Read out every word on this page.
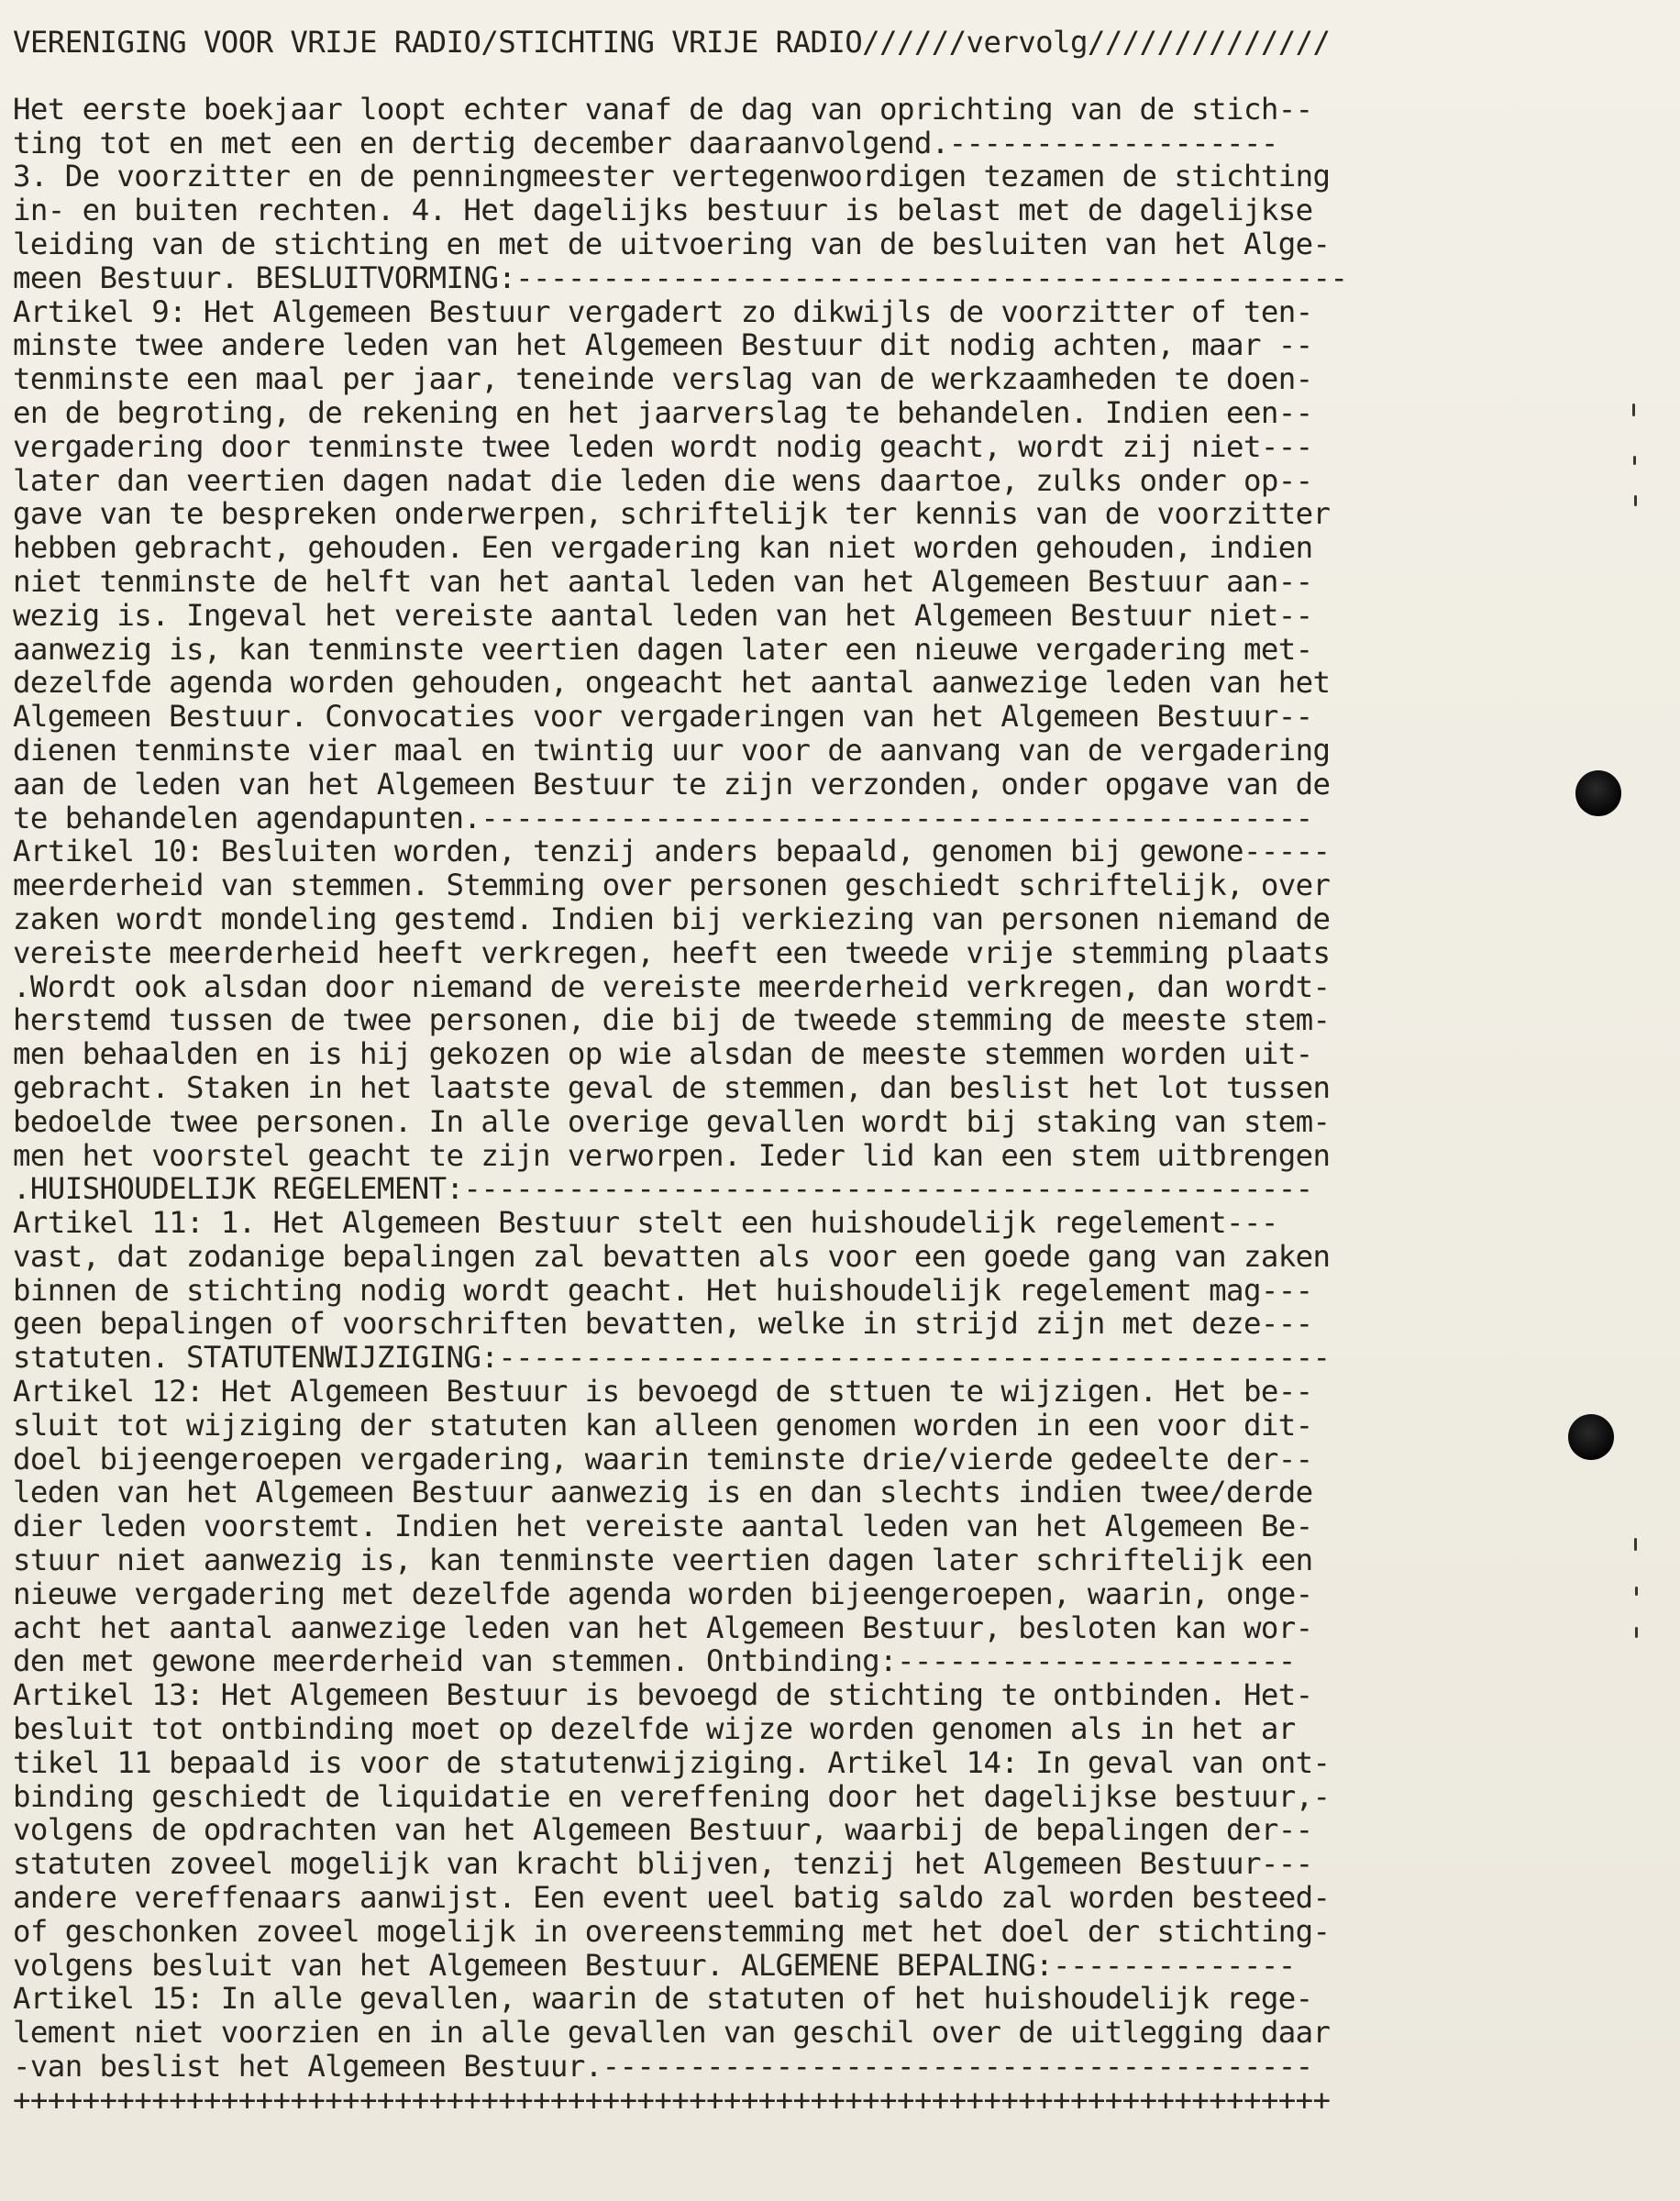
VERENIGING VOOR VRIJE RADIO/STICHTING VRIJE RADIO//////vervolg//////////////
Het eerste boekjaar loopt echter vanaf de dag van oprichting van de stich--
ting tot en met een en dertig december daaraanvolgend.-------------------
3. De voorzitter en de penningmeester vertegenwoordigen tezamen de stichting
in- en buiten rechten. 4. Het dagelijks bestuur is belast met de dagelijkse
leiding van de stichting en met de uitvoering van de besluiten van het Alge-
meen Bestuur. BESLUITVORMING:------------------------------------------------
Artikel 9: Het Algemeen Bestuur vergadert zo dikwijls de voorzitter of ten-
minste twee andere leden van het Algemeen Bestuur dit nodig achten, maar --
tenminste een maal per jaar, teneinde verslag van de werkzaamheden te doen-
en de begroting, de rekening en het jaarverslag te behandelen. Indien een--
vergadering door tenminste twee leden wordt nodig geacht, wordt zij niet---
later dan veertien dagen nadat die leden die wens daartoe, zulks onder op--
gave van te bespreken onderwerpen, schriftelijk ter kennis van de voorzitter
hebben gebracht, gehouden. Een vergadering kan niet worden gehouden, indien
niet tenminste de helft van het aantal leden van het Algemeen Bestuur aan--
wezig is. Ingeval het vereiste aantal leden van het Algemeen Bestuur niet--
aanwezig is, kan tenminste veertien dagen later een nieuwe vergadering met-
dezelfde agenda worden gehouden, ongeacht het aantal aanwezige leden van het
Algemeen Bestuur. Convocaties voor vergaderingen van het Algemeen Bestuur--
dienen tenminste vier maal en twintig uur voor de aanvang van de vergadering
aan de leden van het Algemeen Bestuur te zijn verzonden, onder opgave van de
te behandelen agendapunten.------------------------------------------------
Artikel 10: Besluiten worden, tenzij anders bepaald, genomen bij gewone-----
meerderheid van stemmen. Stemming over personen geschiedt schriftelijk, over
zaken wordt mondeling gestemd. Indien bij verkiezing van personen niemand de
vereiste meerderheid heeft verkregen, heeft een tweede vrije stemming plaats
.Wordt ook alsdan door niemand de vereiste meerderheid verkregen, dan wordt-
herstemd tussen de twee personen, die bij de tweede stemming de meeste stem-
men behaalden en is hij gekozen op wie alsdan de meeste stemmen worden uit-
gebracht. Staken in het laatste geval de stemmen, dan beslist het lot tussen
bedoelde twee personen. In alle overige gevallen wordt bij staking van stem-
men het voorstel geacht te zijn verworpen. Ieder lid kan een stem uitbrengen
.HUISHOUDELIJK REGELEMENT:-------------------------------------------------
Artikel 11: 1. Het Algemeen Bestuur stelt een huishoudelijk regelement---
vast, dat zodanige bepalingen zal bevatten als voor een goede gang van zaken
binnen de stichting nodig wordt geacht. Het huishoudelijk regelement mag---
geen bepalingen of voorschriften bevatten, welke in strijd zijn met deze---
statuten. STATUTENWIJZIGING:------------------------------------------------
Artikel 12: Het Algemeen Bestuur is bevoegd de sttuen te wijzigen. Het be--
sluit tot wijziging der statuten kan alleen genomen worden in een voor dit-
doel bijeengeroepen vergadering, waarin teminste drie/vierde gedeelte der--
leden van het Algemeen Bestuur aanwezig is en dan slechts indien twee/derde
dier leden voorstemt. Indien het vereiste aantal leden van het Algemeen Be-
stuur niet aanwezig is, kan tenminste veertien dagen later schriftelijk een
nieuwe vergadering met dezelfde agenda worden bijeengeroepen, waarin, onge-
acht het aantal aanwezige leden van het Algemeen Bestuur, besloten kan wor-
den met gewone meerderheid van stemmen. Ontbinding:-----------------------
Artikel 13: Het Algemeen Bestuur is bevoegd de stichting te ontbinden. Het-
besluit tot ontbinding moet op dezelfde wijze worden genomen als in het ar
tikel 11 bepaald is voor de statutenwijziging. Artikel 14: In geval van ont-
binding geschiedt de liquidatie en vereffening door het dagelijkse bestuur,-
volgens de opdrachten van het Algemeen Bestuur, waarbij de bepalingen der--
statuten zoveel mogelijk van kracht blijven, tenzij het Algemeen Bestuur---
andere vereffenaars aanwijst. Een event ueel batig saldo zal worden besteed-
of geschonken zoveel mogelijk in overeenstemming met het doel der stichting-
volgens besluit van het Algemeen Bestuur. ALGEMENE BEPALING:--------------
Artikel 15: In alle gevallen, waarin de statuten of het huishoudelijk rege-
lement niet voorzien en in alle gevallen van geschil over de uitlegging daar
-van beslist het Algemeen Bestuur.-----------------------------------------
++++++++++++++++++++++++++++++++++++++++++++++++++++++++++++++++++++++++++++
